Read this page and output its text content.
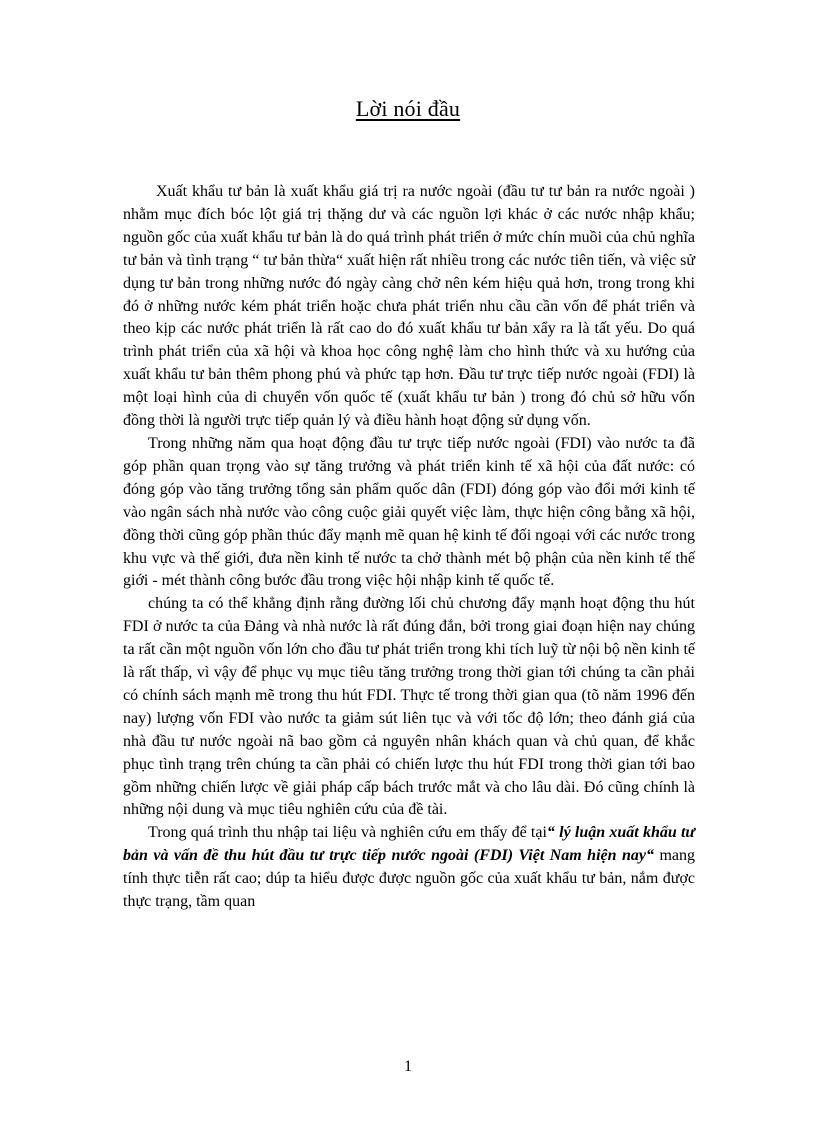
Lời nói đầu

Xuất khẩu tư bản là xuất khẩu giá trị ra nước ngoài (đầu tư tư bản ra nước ngoài ) nhằm mục đích bóc lột giá trị thặng dư và các nguồn lợi khác ở các nước nhập khẩu; nguồn gốc của xuất khẩu tư bản là do quá trình phát triển ở mức chín muồi của chủ nghĩa tư bản và tình trạng “ tư bản thừa“ xuất hiện rất nhiều trong các nước tiên tiến, và việc sử dụng tư bản trong những nước đó ngày càng chở nên kém hiệu quả hơn, trong trong khi đó ở những nước kém phát triển hoặc chưa phát triển nhu cầu cần vốn để phát triển và theo kịp các nước phát triển là rất cao do đó xuất khẩu tư bản xẩy ra là tất yếu. Do quá trình phát triển của xã hội và khoa học công nghệ làm cho hình thức và xu hướng của xuất khẩu tư bản thêm phong phú và phức tạp hơn. Đầu tư trực tiếp nước ngoài (FDI) là một loại hình của di chuyển vốn quốc tế (xuất khẩu tư bản ) trong đó chủ sở hữu vốn đồng thời là người trực tiếp quản lý và điều hành hoạt động sử dụng vốn.

Trong những năm qua hoạt động đầu tư trực tiếp nước ngoài (FDI) vào nước ta đã góp phần quan trọng vào sự tăng trưởng và phát triển kinh tế xã hội của đất nước: có đóng góp vào tăng trưởng tổng sản phẩm quốc dân (FDI) đóng góp vào đổi mới kinh tế vào ngân sách nhà nước vào công cuộc giải quyết việc làm, thực hiện công bằng xã hội, đồng thời cũng góp phần thúc đẩy mạnh mẽ quan hệ kinh tế đối ngoại với các nước trong khu vực và thế giới, đưa nền kinh tế nước ta chở thành mét bộ phận của nền kinh tế thế giới - mét thành công bước đầu trong việc hội nhập kinh tế quốc tế.

chúng ta có thể khẳng định rằng đường lối chủ chương đẩy mạnh hoạt động thu hút FDI ở nước ta của Đảng và nhà nước là rất đúng đắn, bởi trong giai đoạn hiện nay chúng ta rất cần một nguồn vốn lớn cho đầu tư phát triển trong khi tích luỹ từ nội bộ nền kinh tế là rất thấp, vì vậy để phục vụ mục tiêu tăng trưởng trong thời gian tới chúng ta cần phải có chính sách mạnh mẽ trong thu hút FDI. Thực tế trong thời gian qua (tõ năm 1996 đến nay) lượng vốn FDI vào nước ta giảm sút liên tục và với tốc độ lớn; theo đánh giá của nhà đầu tư nước ngoài nã bao gồm cả nguyên nhân khách quan và chủ quan, để khắc phục tình trạng trên chúng ta cần phải có chiến lược thu hút FDI trong thời gian tới bao gồm những chiến lược về giải pháp cấp bách trước mắt và cho lâu dài. Đó cũng chính là những nội dung và mục tiêu nghiên cứu của đề tài.

Trong quá trình thu nhập tai liệu và nghiên cứu em thấy để tại“ lý luận xuất khẩu tư bản và vấn đề thu hút đầu tư trực tiếp nước ngoài (FDI) Việt Nam hiện nay“ mang tính thực tiễn rất cao; dúp ta hiểu được được nguồn gốc của xuất khẩu tư bản, nắm được thực trạng, tầm quan

1
